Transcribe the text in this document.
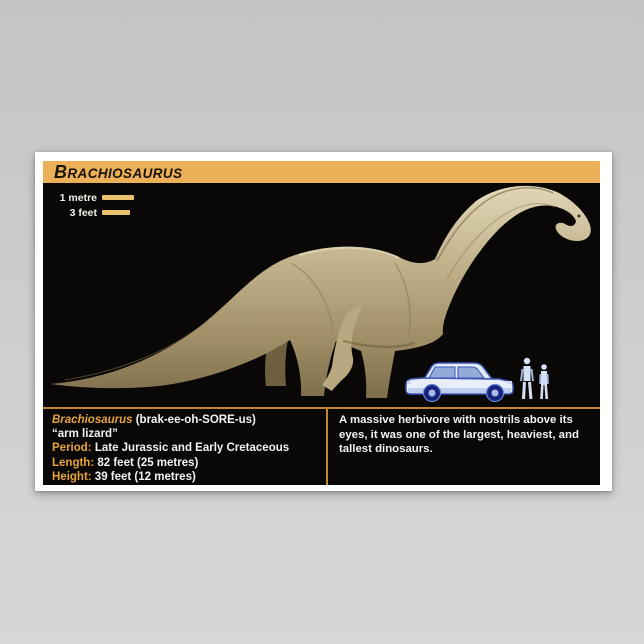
BRACHIOSAURUS
1 metre
3 feet
Brachiosaurus (brak-ee-oh-SORE-us)
“arm lizard”
Period: Late Jurassic and Early Cretaceous
Length: 82 feet (25 metres)
Height: 39 feet (12 metres)
A massive herbivore with nostrils above its eyes, it was one of the largest, heaviest, and tallest dinosaurs.
